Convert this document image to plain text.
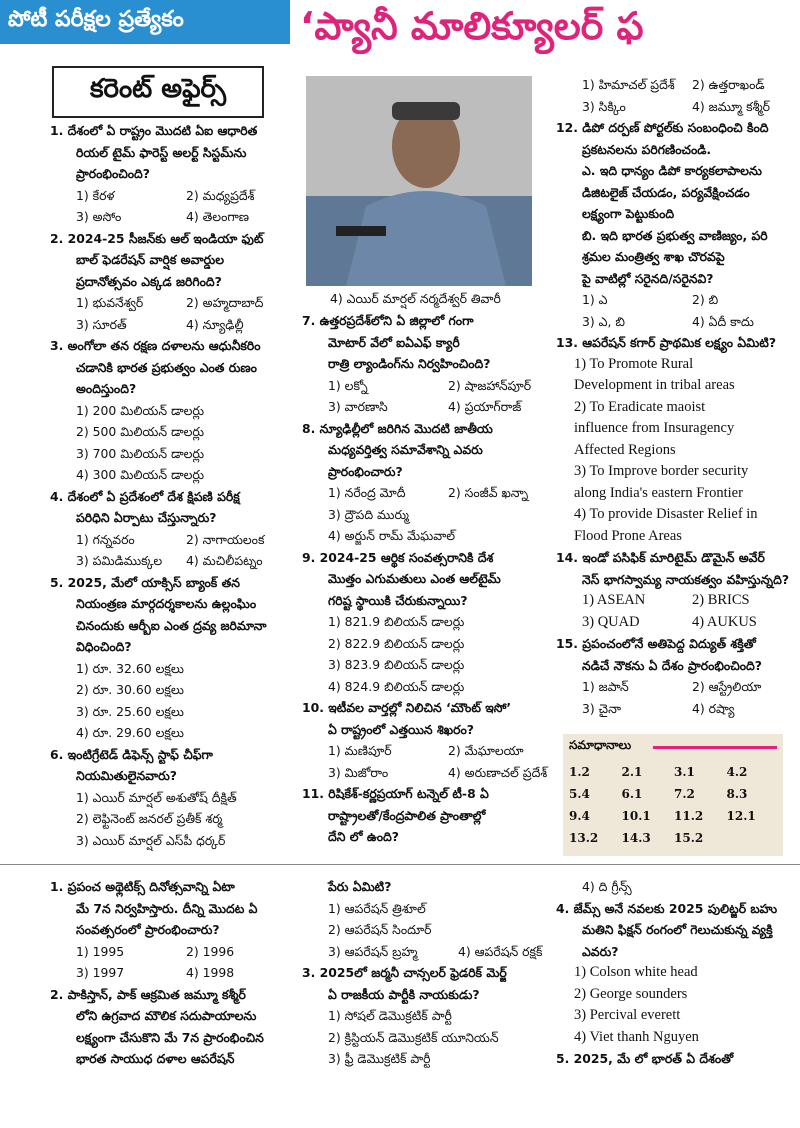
పోటీ పరీక్షల ప్రత్యేకం	‘ప్యానీ మాలిక్యూలర్ ఫ
కరెంట్ అఫైర్స్

4) ఎయిర్ మార్షల్ నర్మదేశ్వర్ తివారీ

1. దేశంలో ఏ రాష్ట్రం మొదటి ఏఐ ఆధారిత

రియల్ టైమ్ ఫారెస్ట్ అలర్ట్ సిస్టమ్‌ను

ప్రారంభించింది?

1) కేరళ	2) మధ్యప్రదేశ్

3) అసోం	4) తెలంగాణ

2. 2024-25 సీజన్‌కు ఆల్ ఇండియా ఫుట్

బాల్ ఫెడరేషన్ వార్షిక అవార్డుల

ప్రదానోత్సవం ఎక్కడ జరిగింది?

1) భువనేశ్వర్	2) అహ్మదాబాద్

3) సూరత్	4) న్యూఢిల్లీ

3. అంగోలా తన రక్షణ దళాలను ఆధునీకరిం

చడానికి భారత ప్రభుత్వం ఎంత రుణం

అందిస్తుంది?

1) 200 మిలియన్ డాలర్లు

2) 500 మిలియన్ డాలర్లు

3) 700 మిలియన్ డాలర్లు

4) 300 మిలియన్ డాలర్లు

4. దేశంలో ఏ ప్రదేశంలో దేశ క్షిపణి పరీక్ష

పరిధిని ఏర్పాటు చేస్తున్నారు?

1) గన్నవరం	2) నాగాయలంక

3) పమిడిముక్కల	4) మచిలీపట్నం

5. 2025, మేలో యాక్సిస్ బ్యాంక్ తన

నియంత్రణ మార్గదర్శకాలను ఉల్లంఘిం

చినందుకు ఆర్బీఐ ఎంత ద్రవ్య జరిమానా

విధించింది?

1) రూ. 32.60 లక్షలు

2) రూ. 30.60 లక్షలు

3) రూ. 25.60 లక్షలు

4) రూ. 29.60 లక్షలు

6. ఇంటిగ్రేటెడ్ డిఫెన్స్ స్టాఫ్ చీఫ్‌గా

నియమితులైనవారు?

1) ఎయిర్ మార్షల్ అశుతోష్ దీక్షిత్

2) లెఫ్టినెంట్ జనరల్ ప్రతీక్ శర్మ

3) ఎయిర్ మార్షల్ ఎస్‌పీ ధర్కర్

7. ఉత్తరప్రదేశ్‌లోని ఏ జిల్లాలో గంగా

మోటార్ వేలో ఐఏఎఫ్ క్యారీ

రాత్రి ల్యాండింగ్‌ను నిర్వహించింది?

1) లక్నో	2) షాజహాన్‌పూర్

3) వారణాసి	4) ప్రయాగ్‌రాజ్

8. న్యూఢిల్లీలో జరిగిన మొదటి జాతీయ

మధ్యవర్తిత్వ సమావేశాన్ని ఎవరు

ప్రారంభించారు?

1) నరేంద్ర మోదీ	2) సంజీవ్ ఖన్నా

3) ద్రౌపది ముర్ము

4) అర్జున్ రామ్ మేఘవాల్

9. 2024-25 ఆర్థిక సంవత్సరానికి దేశ

మొత్తం ఎగుమతులు ఎంత ఆల్‌టైమ్

గరిష్ట స్థాయికి చేరుకున్నాయి?

1) 821.9 బిలియన్ డాలర్లు

2) 822.9 బిలియన్ డాలర్లు

3) 823.9 బిలియన్ డాలర్లు

4) 824.9 బిలియన్ డాలర్లు

10. ఇటీవల వార్తల్లో నిలిచిన ‘మౌంట్ ఇసో’

ఏ రాష్ట్రంలో ఎత్తయిన శిఖరం?

1) మణిపూర్	2) మేఘాలయా

3) మిజోరాం	4) అరుణాచల్ ప్రదేశ్

11. రిషికేశ్-కర్ణప్రయాగ్ టన్నెల్ టీ-8 ఏ

రాష్ట్రాలతో/కేంద్రపాలిత ప్రాంతాల్లో

దేని లో ఉంది?

1) హిమాచల్ ప్రదేశ్	2) ఉత్తరాఖండ్

3) సిక్కిం	4) జమ్మూ కశ్మీర్

12. డిపో దర్పణ్ పోర్టల్‌కు సంబంధించి కింది

ప్రకటనలను పరిగణించండి.

ఎ. ఇది ధాన్యం డిపో కార్యకలాపాలను

డిజిటలైజ్ చేయడం, పర్యవేక్షించడం

లక్ష్యంగా పెట్టుకుంది

బి. ఇది భారత ప్రభుత్వ వాణిజ్యం, పరి

శ్రమల మంత్రిత్వ శాఖ చొరవపై

పై వాటిల్లో సరైనది/సరైనవి?

1) ఎ	2) బి

3) ఎ, బి	4) ఏదీ కాదు

13. ఆపరేషన్ కగార్ ప్రాథమిక లక్ష్యం ఏమిటి?

1) To Promote Rural

Development in tribal areas

2) To Eradicate maoist

influence from Insuragency

Affected Regions

3) To Improve border security

along India's eastern Frontier

4) To provide Disaster Relief in

Flood Prone Areas

14. ఇండో పసిఫిక్ మారిటైమ్ డొమైన్ అవేర్

నెస్ భాగస్వామ్య నాయకత్వం వహిస్తున్నది?

1) ASEAN	2) BRICS

3) QUAD	4) AUKUS

15. ప్రపంచంలోనే అతిపెద్ద విద్యుత్ శక్తితో

నడిచే నౌకను ఏ దేశం ప్రారంభించింది?

1) జపాన్	2) ఆస్ట్రేలియా

3) చైనా	4) రష్యా

సమాధానాలు
1.2	2.1	3.1	4.2
5.4	6.1	7.2	8.3
9.4	10.1	11.2	12.1
13.2	14.3	15.2

1. ప్రపంచ అథ్లెటిక్స్ దినోత్సవాన్ని ఏటా

మే 7న నిర్వహిస్తారు. దీన్ని మొదట ఏ

సంవత్సరంలో ప్రారంభించారు?

1) 1995	2) 1996

3) 1997	4) 1998

2. పాకిస్తాన్, పాక్ ఆక్రమిత జమ్మూ కశ్మీర్

లోని ఉగ్రవాద మౌలిక సదుపాయాలను

లక్ష్యంగా చేసుకొని మే 7న ప్రారంభించిన

భారత సాయుధ దళాల ఆపరేషన్

పేరు ఏమిటి?

1) ఆపరేషన్ త్రిశూల్

2) ఆపరేషన్ సిందూర్

3) ఆపరేషన్ బ్రహ్మ	4) ఆపరేషన్ రక్షక్

3. 2025లో జర్మనీ చాన్సలర్ ఫ్రెడరిక్ మెర్జ్

ఏ రాజకీయ పార్టీకి నాయకుడు?

1) సోషల్ డెమొక్రటిక్ పార్టీ

2) క్రిస్టియన్ డెమొక్రటిక్ యూనియన్

3) ఫ్రీ డెమొక్రటిక్ పార్టీ

4) ది గ్రీన్స్

4. జేమ్స్ అనే నవలకు 2025 పులిట్జర్ బహు

మతిని ఫిక్షన్ రంగంలో గెలుచుకున్న వ్యక్తి

ఎవరు?

1) Colson white head

2) George sounders

3) Percival everett

4) Viet thanh Nguyen

5. 2025, మే లో భారత్ ఏ దేశంతో
